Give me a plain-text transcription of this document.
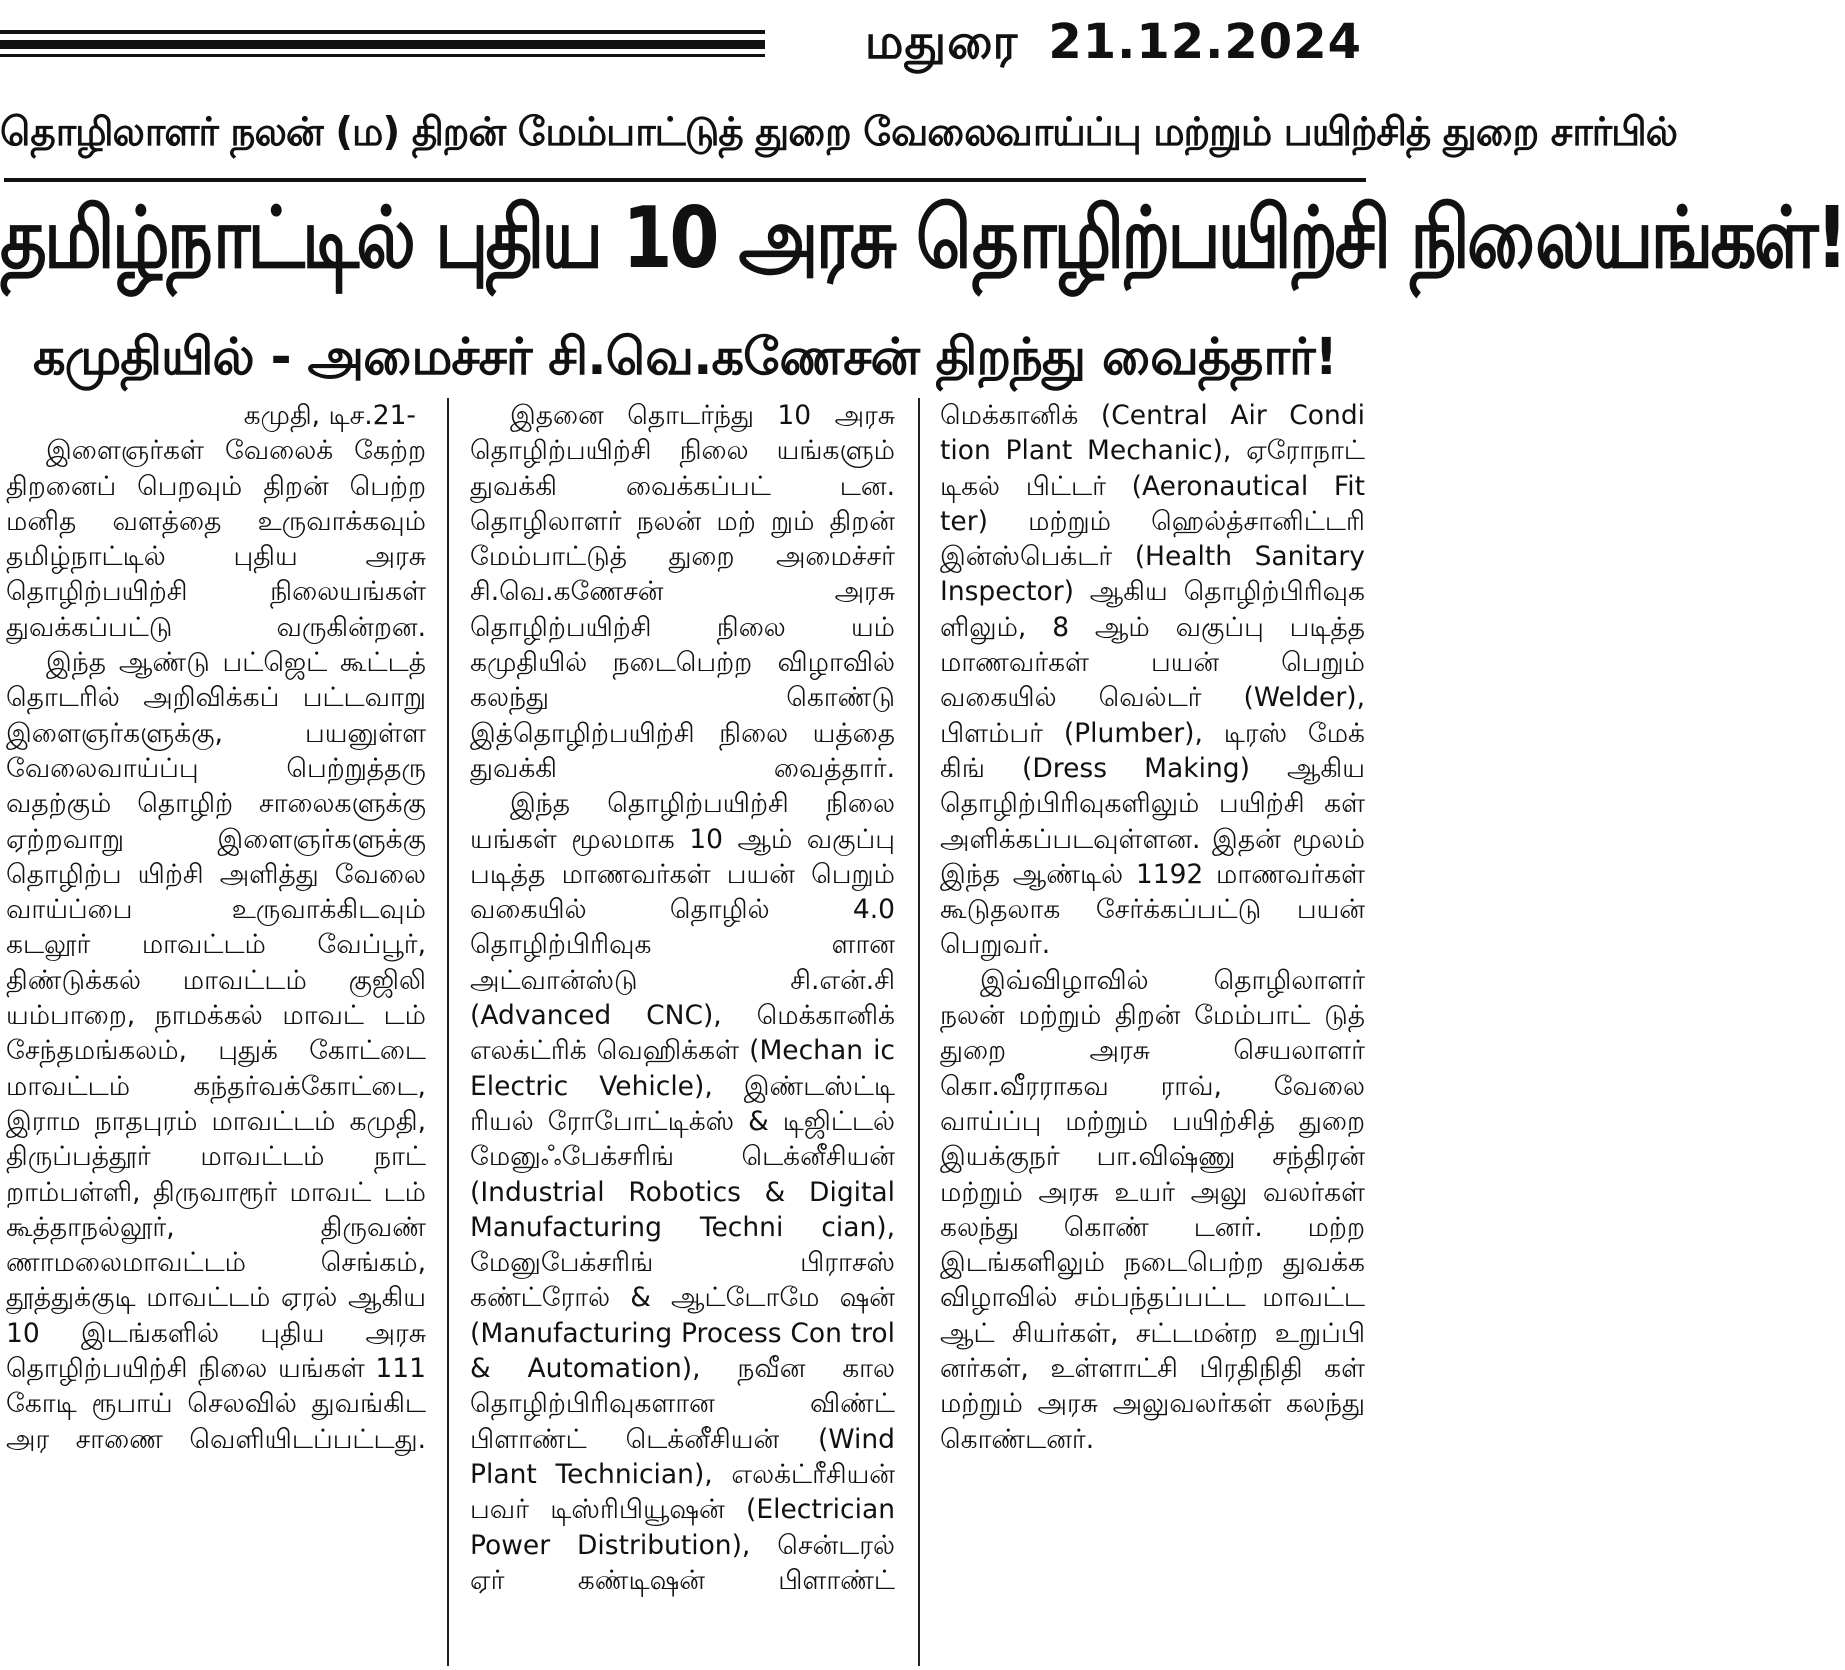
மதுரை 21.12.2024
தொழிலாளர் நலன் (ம) திறன் மேம்பாட்டுத் துறை வேலைவாய்ப்பு மற்றும் பயிற்சித் துறை சார்பில்
தமிழ்நாட்டில் புதிய 10 அரசு தொழிற்பயிற்சி நிலையங்கள்!
கமுதியில் - அமைச்சர் சி.வெ.கணேசன் திறந்து வைத்தார்!

கமுதி, டிச.21-

இளைஞர்கள் வேலைக் கேற்ற திறனைப் பெறவும் திறன் பெற்ற மனித வளத்தை உருவாக்கவும் தமிழ்நாட்டில் புதிய அரசு தொழிற்பயிற்சி நிலையங்கள் துவக்கப்பட்டு வருகின்றன.

இந்த ஆண்டு பட்ஜெட் கூட்டத் தொடரில் அறிவிக்கப் பட்டவாறு இளைஞர்களுக்கு, பயனுள்ள வேலைவாய்ப்பு பெற்றுத்தரு வதற்கும் தொழிற் சாலைகளுக்கு ஏற்றவாறு இளைஞர்களுக்கு தொழிற்ப யிற்சி அளித்து வேலை வாய்ப்பை உருவாக்கிடவும் கடலூர் மாவட்டம் வேப்பூர், திண்டுக்கல் மாவட்டம் குஜிலி யம்பாறை, நாமக்கல் மாவட் டம் சேந்தமங்கலம், புதுக் கோட்டை மாவட்டம் கந்தர்வக்கோட்டை, இராம நாதபுரம் மாவட்டம் கமுதி, திருப்பத்தூர் மாவட்டம் நாட் றாம்பள்ளி, திருவாரூர் மாவட் டம் கூத்தாநல்லூர், திருவண் ணாமலைமாவட்டம் செங்கம், தூத்துக்குடி மாவட்டம் ஏரல் ஆகிய 10 இடங்களில் புதிய அரசு தொழிற்பயிற்சி நிலை யங்கள் 111 கோடி ரூபாய் செலவில் துவங்கிட அர சாணை வெளியிடப்பட்டது.

இதனை தொடர்ந்து 10 அரசு தொழிற்பயிற்சி நிலை யங்களும் துவக்கி வைக்கப்பட் டன. தொழிலாளர் நலன் மற் றும் திறன் மேம்பாட்டுத் துறை அமைச்சர் சி.வெ.கணேசன் அரசு தொழிற்பயிற்சி நிலை யம் கமுதியில் நடைபெற்ற விழாவில் கலந்து கொண்டு இத்தொழிற்பயிற்சி நிலை யத்தை துவக்கி வைத்தார்.

இந்த தொழிற்பயிற்சி நிலை யங்கள் மூலமாக 10 ஆம் வகுப்பு படித்த மாணவர்கள் பயன் பெறும் வகையில் தொழில் 4.0 தொழிற்பிரிவுக ளான அட்வான்ஸ்டு சி.என்.சி (Advanced CNC), மெக்கானிக் எலக்ட்ரிக் வெஹிக்கள் (Mechan ic Electric Vehicle), இண்டஸ்ட்டி ரியல் ரோபோட்டிக்ஸ் & டிஜிட்டல் மேனுஃபேக்சரிங் டெக்னீசியன் (Industrial Robotics & Digital Manufacturing Techni cian), மேனுபேக்சரிங் பிராசஸ் கண்ட்ரோல் & ஆட்டோமே ஷன் (Manufacturing Process Con trol & Automation), நவீன கால தொழிற்பிரிவுகளான விண்ட் பிளாண்ட் டெக்னீசியன் (Wind Plant Technician), எலக்ட்ரீசியன் பவர் டிஸ்ரிபியூஷன் (Electrician Power Distribution), சென்டரல் ஏர் கண்டிஷன் பிளாண்ட்

மெக்கானிக் (Central Air Condi tion Plant Mechanic), ஏரோநாட் டிகல் பிட்டர் (Aeronautical Fit ter) மற்றும் ஹெல்த்சானிட்டரி இன்ஸ்பெக்டர் (Health Sanitary Inspector) ஆகிய தொழிற்பிரிவுக ளிலும், 8 ஆம் வகுப்பு படித்த மாணவர்கள் பயன் பெறும் வகையில் வெல்டர் (Welder), பிளம்பர் (Plumber), டிரஸ் மேக் கிங் (Dress Making) ஆகிய தொழிற்பிரிவுகளிலும் பயிற்சி கள் அளிக்கப்படவுள்ளன. இதன் மூலம் இந்த ஆண்டில் 1192 மாணவர்கள் கூடுதலாக சேர்க்கப்பட்டு பயன் பெறுவர்.

இவ்விழாவில் தொழிலாளர் நலன் மற்றும் திறன் மேம்பாட் டுத் துறை அரசு செயலாளர் கொ.வீரராகவ ராவ், வேலை வாய்ப்பு மற்றும் பயிற்சித் துறை இயக்குநர் பா.விஷ்ணு சந்திரன் மற்றும் அரசு உயர் அலு வலர்கள் கலந்து கொண் டனர். மற்ற இடங்களிலும் நடைபெற்ற துவக்க விழாவில் சம்பந்தப்பட்ட மாவட்ட ஆட் சியர்கள், சட்டமன்ற உறுப்பி னர்கள், உள்ளாட்சி பிரதிநிதி கள் மற்றும் அரசு அலுவலர்கள் கலந்து கொண்டனர்.
